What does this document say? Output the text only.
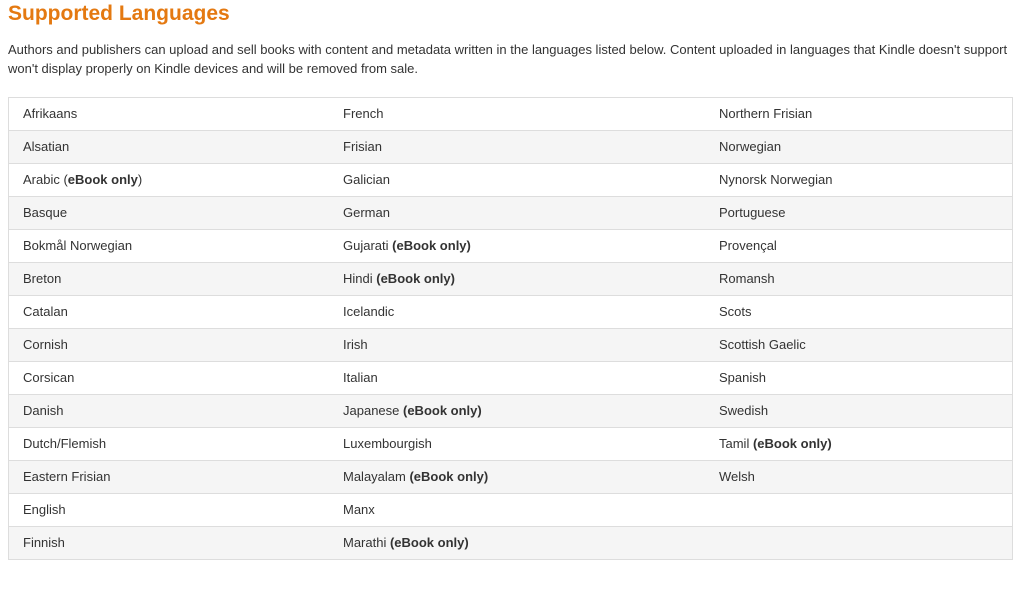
Supported Languages

Authors and publishers can upload and sell books with content and metadata written in the languages listed below. Content uploaded in languages that Kindle doesn't support won't display properly on Kindle devices and will be removed from sale.

Afrikaans	French	Northern Frisian
Alsatian	Frisian	Norwegian
Arabic (eBook only)	Galician	Nynorsk Norwegian
Basque	German	Portuguese
Bokmål Norwegian	Gujarati (eBook only)	Provençal
Breton	Hindi (eBook only)	Romansh
Catalan	Icelandic	Scots
Cornish	Irish	Scottish Gaelic
Corsican	Italian	Spanish
Danish	Japanese (eBook only)	Swedish
Dutch/Flemish	Luxembourgish	Tamil (eBook only)
Eastern Frisian	Malayalam (eBook only)	Welsh
English	Manx	
Finnish	Marathi (eBook only)	
